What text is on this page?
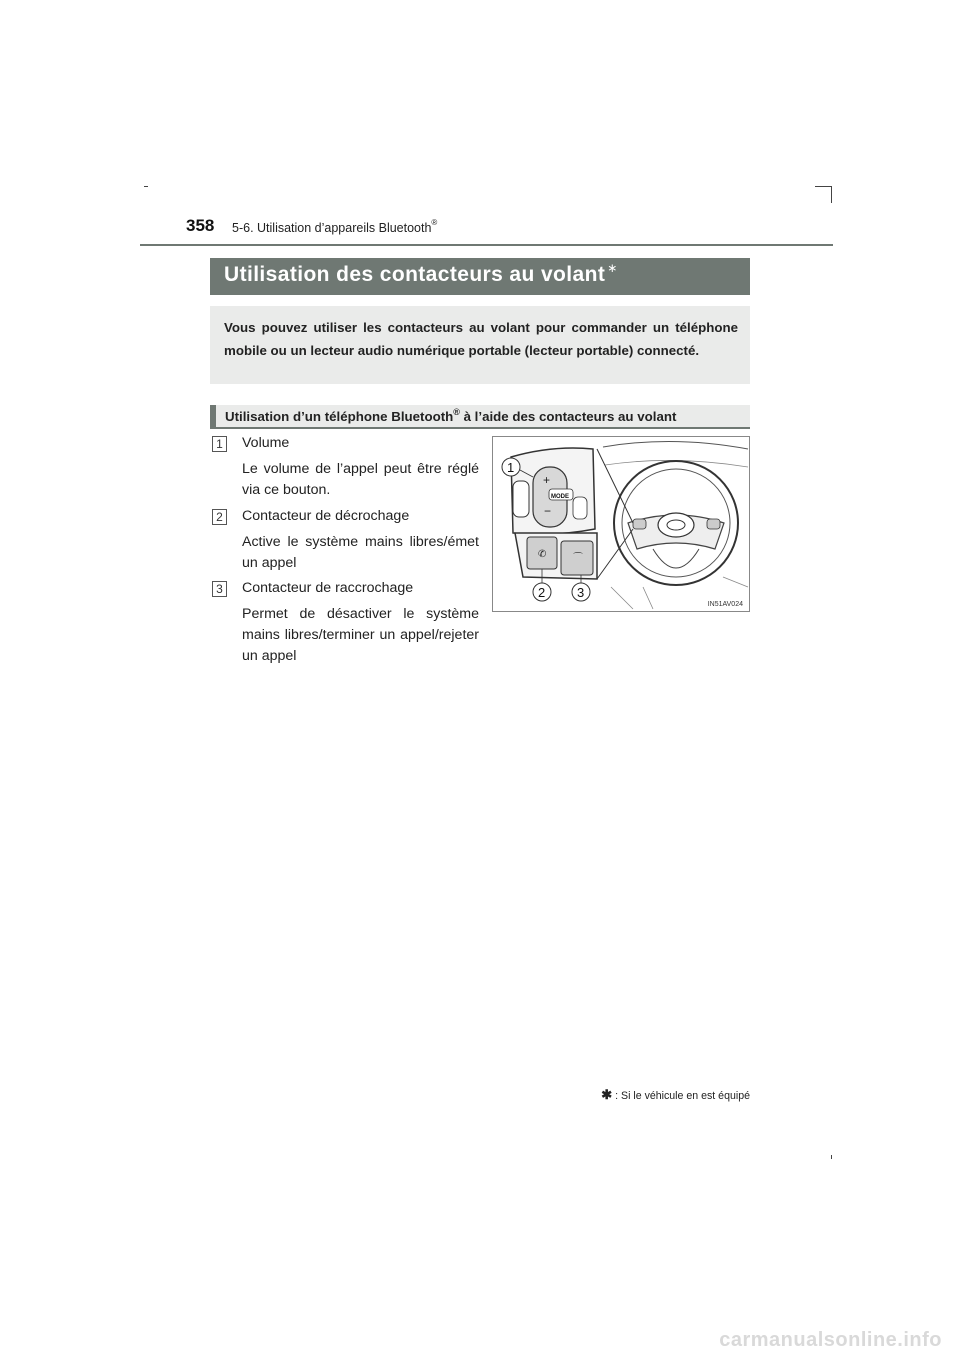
358 5-6. Utilisation d’appareils Bluetooth®
Utilisation des contacteurs au volant ∗
Vous pouvez utiliser les contacteurs au volant pour commander un téléphone mobile ou un lecteur audio numérique portable (lecteur portable) connecté.
Utilisation d’un téléphone Bluetooth® à l’aide des contacteurs au volant
1 Volume
Le volume de l’appel peut être réglé via ce bouton.
2 Contacteur de décrochage
Active le système mains libres/émet un appel
3 Contacteur de raccrochage
Permet de désactiver le système mains libres/terminer un appel/rejeter un appel
+
−
MODE
✆	⌒
1
2 3
IN51AV024
✱ : Si le véhicule en est équipé
carmanualsonline.info
